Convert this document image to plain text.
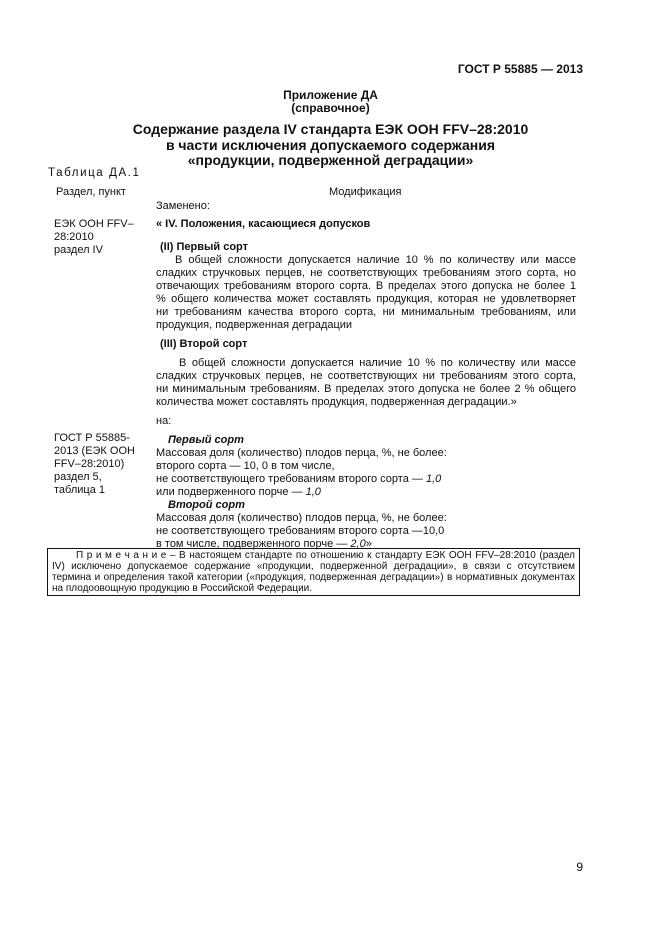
ГОСТ Р 55885 — 2013
Приложение ДА
(справочное)
Содержание раздела IV стандарта ЕЭК ООН FFV–28:2010
в части исключения допускаемого содержания
«продукции, подверженной деградации»
Таблица ДА.1
Раздел, пункт	Модификация
Заменено:
ЕЭК ООН FFV–
28:2010
раздел IV
« IV. Положения, касающиеся допусков
(II) Первый сорт
В общей сложности допускается наличие 10 % по количеству или массе
сладких стручковых перцев, не соответствующих требованиям этого сорта, но
отвечающих требованиям второго сорта. В пределах этого допуска не более 1
% общего количества может составлять продукция, которая не удовлетворяет
ни требованиям качества второго сорта, ни минимальным требованиям, или
продукция, подверженная деградации
(III) Второй сорт
В общей сложности допускается наличие 10 % по количеству или массе
сладких стручковых перцев, не соответствующих ни требованиям этого сорта,
ни минимальным требованиям. В пределах этого допуска не более 2 % общего
количества может составлять продукция, подверженная деградации.»
на:
ГОСТ Р 55885-
2013 (ЕЭК ООН
FFV–28:2010)
раздел 5,
таблица 1
Первый сорт
Массовая доля (количество) плодов перца, %, не более:
второго сорта — 10, 0 в том числе,
не соответствующего требованиям второго сорта — 1,0
или подверженного порче — 1,0
Второй сорт
Массовая доля (количество) плодов перца, %, не более:
не соответствующего требованиям второго сорта —10,0
в том числе, подверженного порче — 2,0»
П р и м е ч а н и е – В настоящем стандарте по отношению к стандарту ЕЭК ООН FFV–28:2010 (раздел
IV) исключено допускаемое содержание «продукции, подверженной деградации», в связи с отсутствием
термина и определения такой категории («продукция, подверженная деградации») в нормативных документах
на плодоовощную продукцию в Российской Федерации.
9
